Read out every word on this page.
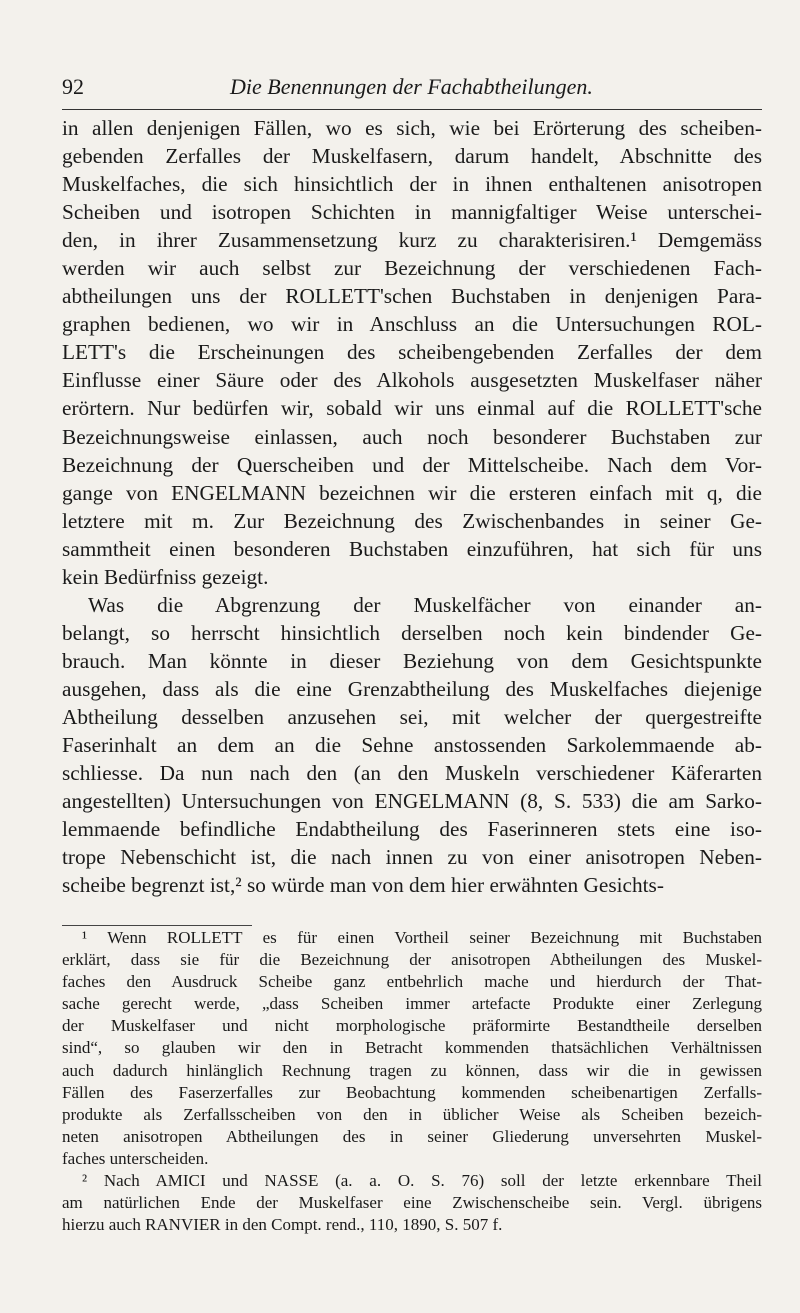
92	Die Benennungen der Fachabtheilungen.

in allen denjenigen Fällen, wo es sich, wie bei Erörterung des scheiben-

gebenden Zerfalles der Muskelfasern, darum handelt, Abschnitte des

Muskelfaches, die sich hinsichtlich der in ihnen enthaltenen anisotropen

Scheiben und isotropen Schichten in mannigfaltiger Weise unterschei-

den, in ihrer Zusammensetzung kurz zu charakterisiren.¹ Demgemäss

werden wir auch selbst zur Bezeichnung der verschiedenen Fach-

abtheilungen uns der ROLLETT'schen Buchstaben in denjenigen Para-

graphen bedienen, wo wir in Anschluss an die Untersuchungen ROL-

LETT's die Erscheinungen des scheibengebenden Zerfalles der dem

Einflusse einer Säure oder des Alkohols ausgesetzten Muskelfaser näher

erörtern. Nur bedürfen wir, sobald wir uns einmal auf die ROLLETT'sche

Bezeichnungsweise einlassen, auch noch besonderer Buchstaben zur

Bezeichnung der Querscheiben und der Mittelscheibe. Nach dem Vor-

gange von ENGELMANN bezeichnen wir die ersteren einfach mit q, die

letztere mit m. Zur Bezeichnung des Zwischenbandes in seiner Ge-

sammtheit einen besonderen Buchstaben einzuführen, hat sich für uns

kein Bedürfniss gezeigt.

Was die Abgrenzung der Muskelfächer von einander an-

belangt, so herrscht hinsichtlich derselben noch kein bindender Ge-

brauch. Man könnte in dieser Beziehung von dem Gesichtspunkte

ausgehen, dass als die eine Grenzabtheilung des Muskelfaches diejenige

Abtheilung desselben anzusehen sei, mit welcher der quergestreifte

Faserinhalt an dem an die Sehne anstossenden Sarkolemmaende ab-

schliesse. Da nun nach den (an den Muskeln verschiedener Käferarten

angestellten) Untersuchungen von ENGELMANN (8, S. 533) die am Sarko-

lemmaende befindliche Endabtheilung des Faserinneren stets eine iso-

trope Nebenschicht ist, die nach innen zu von einer anisotropen Neben-

scheibe begrenzt ist,² so würde man von dem hier erwähnten Gesichts-

¹ Wenn ROLLETT es für einen Vortheil seiner Bezeichnung mit Buchstaben

erklärt, dass sie für die Bezeichnung der anisotropen Abtheilungen des Muskel-

faches den Ausdruck Scheibe ganz entbehrlich mache und hierdurch der That-

sache gerecht werde, „dass Scheiben immer artefacte Produkte einer Zerlegung

der Muskelfaser und nicht morphologische präformirte Bestandtheile derselben

sind“, so glauben wir den in Betracht kommenden thatsächlichen Verhältnissen

auch dadurch hinlänglich Rechnung tragen zu können, dass wir die in gewissen

Fällen des Faserzerfalles zur Beobachtung kommenden scheibenartigen Zerfalls-

produkte als Zerfallsscheiben von den in üblicher Weise als Scheiben bezeich-

neten anisotropen Abtheilungen des in seiner Gliederung unversehrten Muskel-

faches unterscheiden.

² Nach AMICI und NASSE (a. a. O. S. 76) soll der letzte erkennbare Theil

am natürlichen Ende der Muskelfaser eine Zwischenscheibe sein. Vergl. übrigens

hierzu auch RANVIER in den Compt. rend., 110, 1890, S. 507 f.
